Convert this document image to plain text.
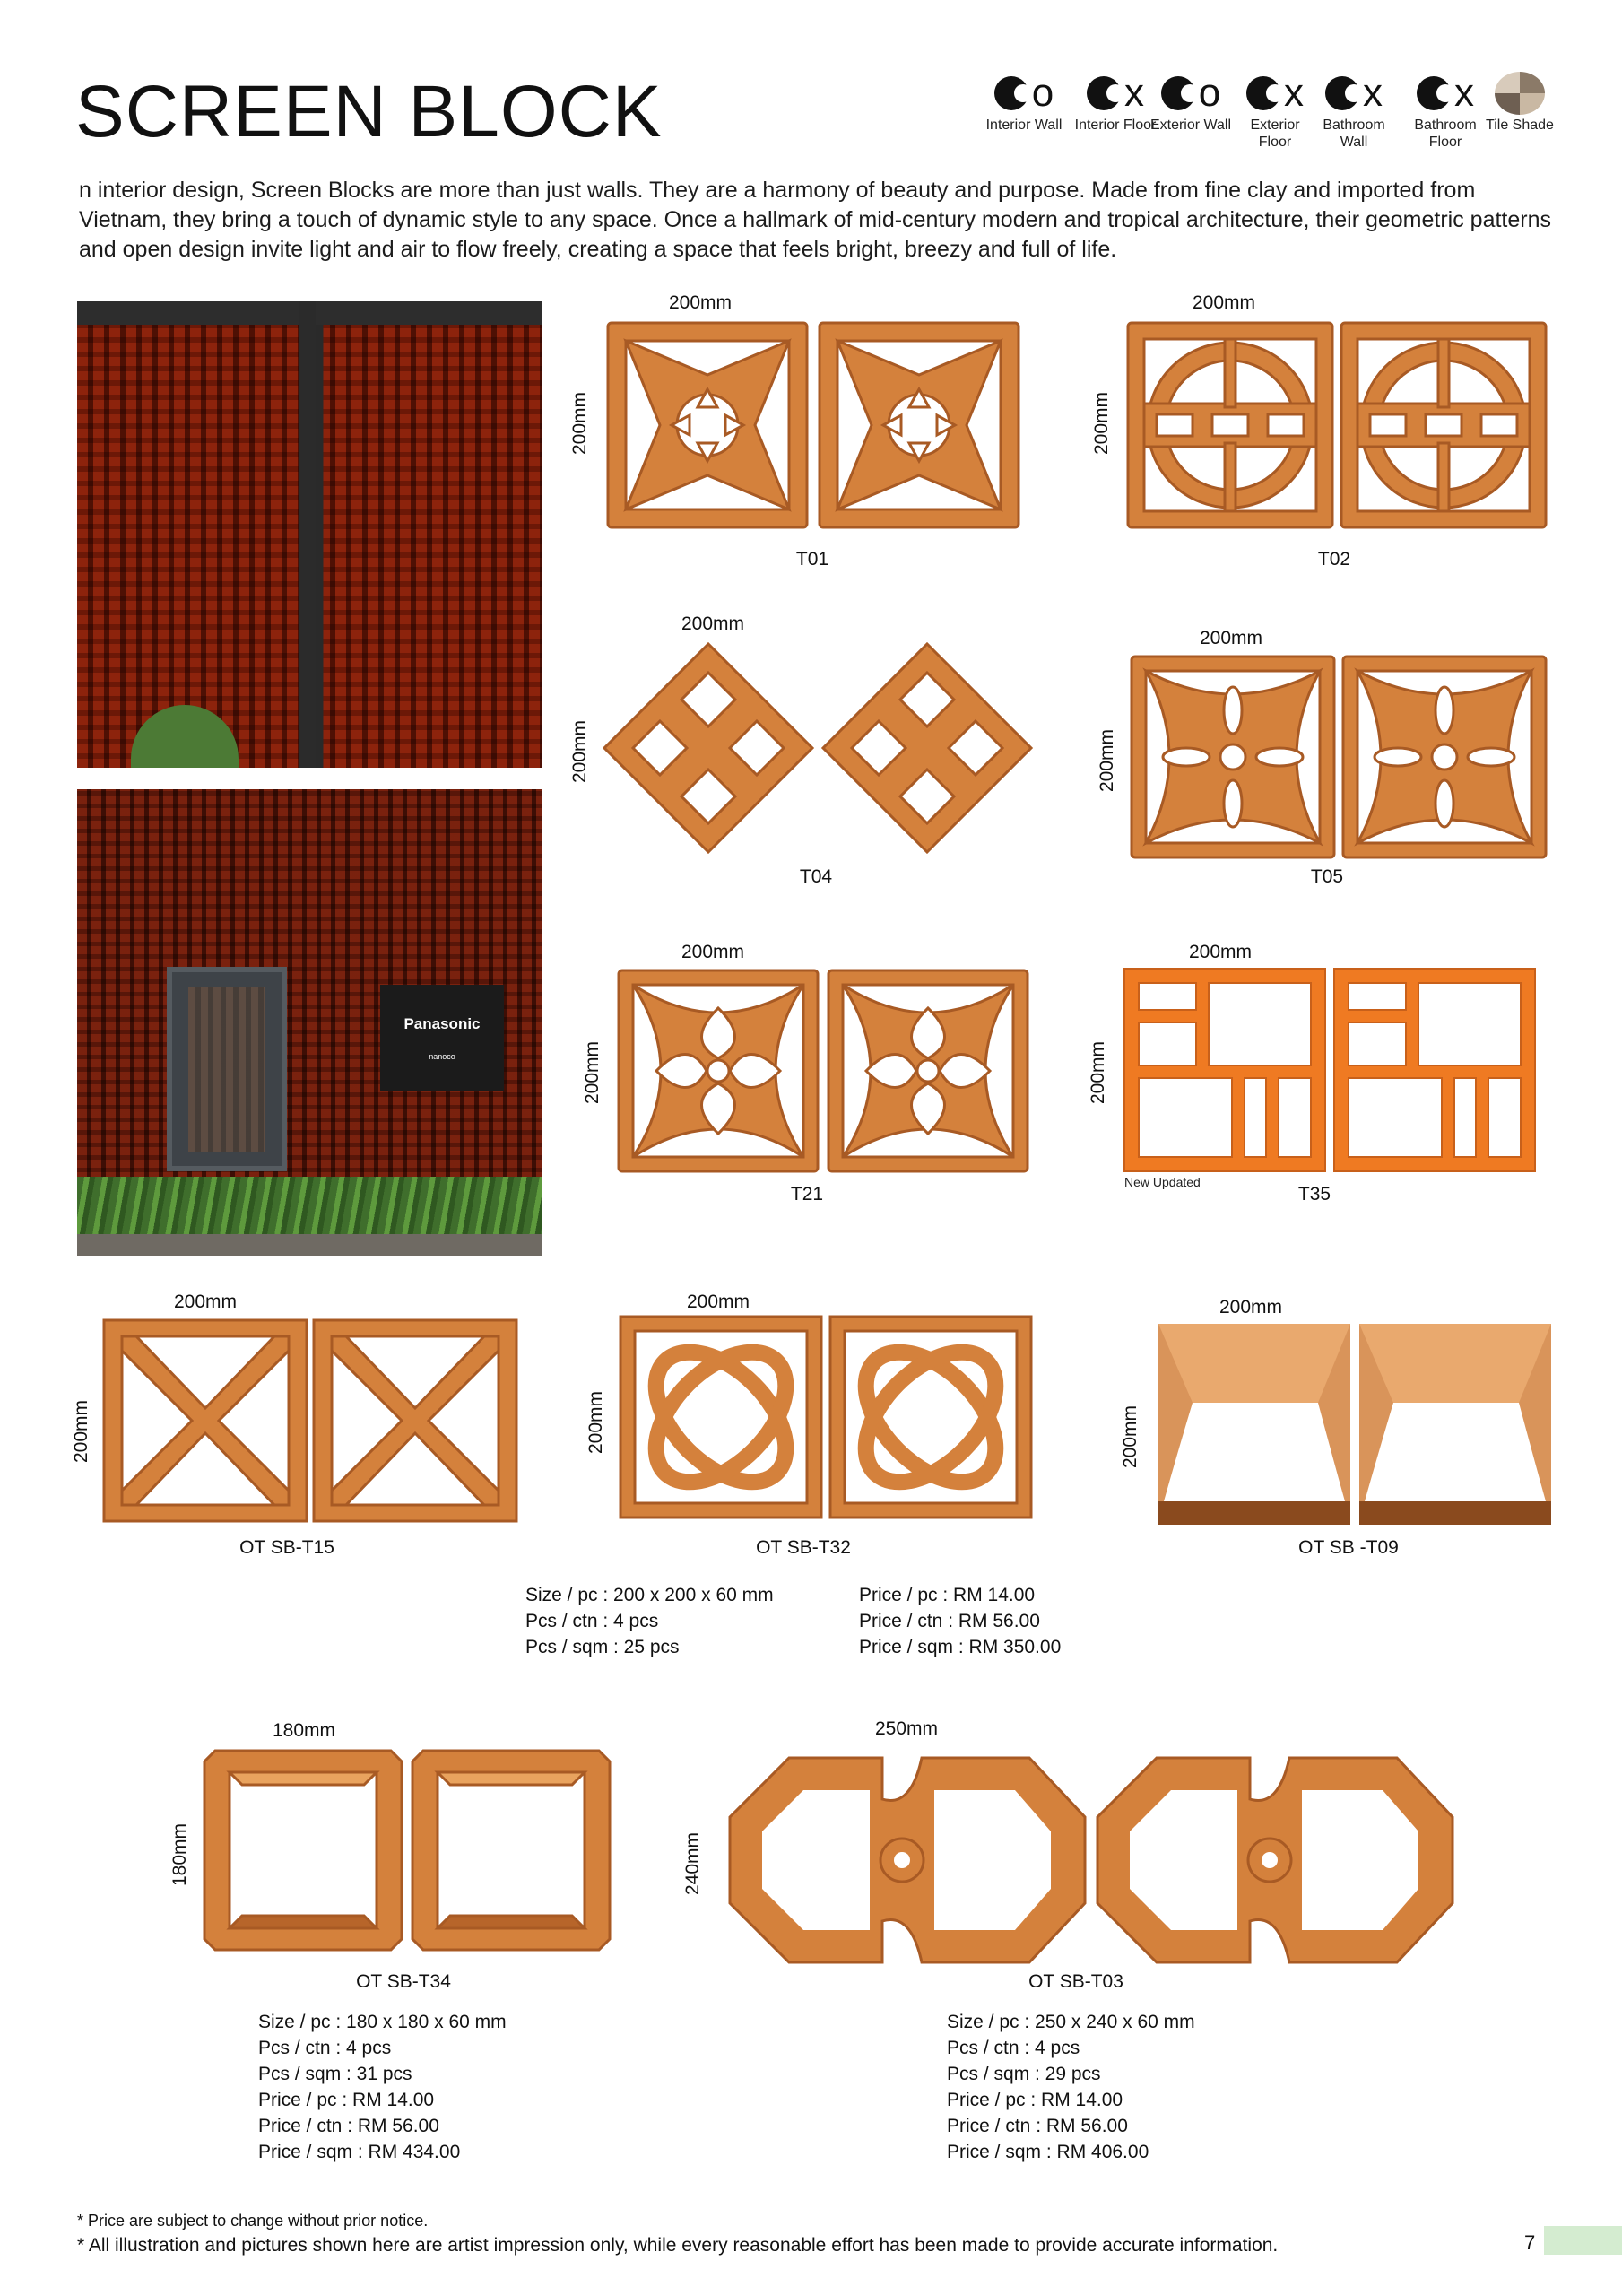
SCREEN BLOCK	o
Interior Wall
x
Interior Floor
o
Exterior Wall
x
Exterior Floor
x
Bathroom Wall
x
Bathroom Floor
Tile Shade
n interior design, Screen Blocks are more than just walls. They are a harmony of beauty and purpose. Made from fine clay and imported from Vietnam, they bring a touch of dynamic style to any space. Once a hallmark of mid-century modern and tropical architecture, their geometric patterns and open design invite light and air to flow freely, creating a space that feels bright, breezy and full of life.
Panasonic
nanoco
200mm
200mm
T01
200mm
200mm
T02
200mm
200mm
T04
200mm
200mm
T05
200mm
200mm
T21
200mm
200mm
New Updated
T35
200mm
200mm
OT SB-T15
200mm
200mm
OT SB-T32
200mm
200mm
OT SB -T09
Size / pc : 200 x 200 x 60 mm
Pcs / ctn : 4 pcs
Pcs / sqm : 25 pcs
Price / pc : RM 14.00
Price / ctn : RM 56.00
Price / sqm : RM 350.00
180mm
180mm
OT SB-T34
Size / pc : 180 x 180 x 60 mm
Pcs / ctn : 4 pcs
Pcs / sqm : 31 pcs
Price / pc : RM 14.00
Price / ctn : RM 56.00
Price / sqm : RM 434.00
250mm
240mm
OT SB-T03
Size / pc : 250 x 240 x 60 mm
Pcs / ctn : 4 pcs
Pcs / sqm : 29 pcs
Price / pc : RM 14.00
Price / ctn : RM 56.00
Price / sqm : RM 406.00
* Price are subject to change without prior notice.
* All illustration and pictures shown here are artist impression only, while every reasonable effort has been made to provide accurate information.	7
